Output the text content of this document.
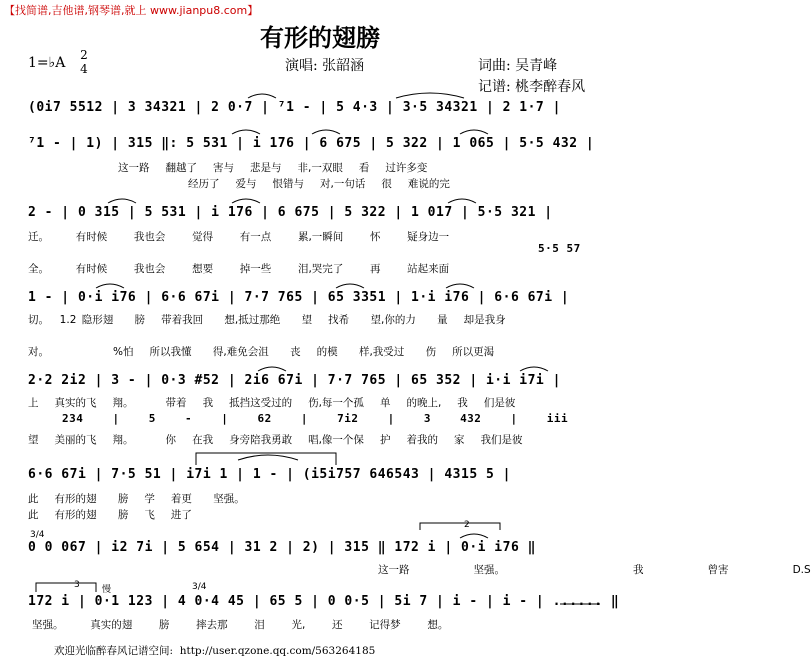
【找简谱,吉他谱,钢琴谱,就上 www.jianpu8.com】
有形的翅膀
1=♭A 2
4	演唱: 张韶涵	词曲: 吴青峰
记谱: 桃李醉春风
(0i7 5512 | 3 34321 | 2 0·7 | ⁷1 - | 5 4·3 | 3·5 34321 | 2 1·7 |
⁷1 - | 1) | 315 ‖: 5 531 | i 176 | 6 675 | 5 322 | 1 065 | 5·5 432 |
这一路   翻越了   害与   悲是与   非,一双眼   看   过许多变
经历了   爱与   恨错与   对,一句话   很   难说的完
2 - | 0 315 | 5 531 | i 176 | 6 675 | 5 322 | 1 017 | 5·5 321 |
迁。     有时候     我也会     觉得     有一点     累,一瞬间     怀     疑身边一
5·5 57
全。     有时候     我也会     想要     掉一些     泪,哭完了     再     站起来面
1 - | 0·i i76 | 6·6 67i | 7·7 765 | 65 3351 | 1·i i76 | 6·6 67i |
切。  1.2 隐形翅    膀   带着我回    想,抵过那绝    望   找希    望,你的力    量   却是我身
对。            %怕   所以我懂    得,难免会沮    丧   的模    样,我受过    伤   所以更渴
2·2 2i2 | 3 - | 0·3 #52 | 2i6 67i | 7·7 765 | 65 352 | i·i i7i |
上   真实的飞   翔。      带着   我   抵挡这受过的   伤,每一个孤   单   的晚上,   我   们是彼
234 | 5 - | 62 | 7i2 | 3 432 | iii
望   美丽的飞   翔。      你   在我   身旁陪我勇敢   唱,像一个保   护   着我的   家   我们是彼
6·6 67i | 7·5 51 | i7i 1 | 1 - | (i5i757 646543 | 4315 5 |
此   有形的翅    膀   学   着更    坚强。
此   有形的翅    膀   飞   进了
3/4
0 0 067 | i2 7i | 5 654 | 31 2 | 2) | 315 ‖ 172 i | 0·i i76 ‖
这一路   坚强。      我   曾害   D.S
慢	3/4
172 i | 0·1 123 | 4 0·4 45 | 65 5 | 0 0·5 | 5i 7 | i - | i - | ...... ‖
坚强。     真实的翅     膀     摔去那     泪     光,     还     记得梦     想。
欢迎光临醉春风记谱空间:  http://user.qzone.qq.com/563264185
2
3
